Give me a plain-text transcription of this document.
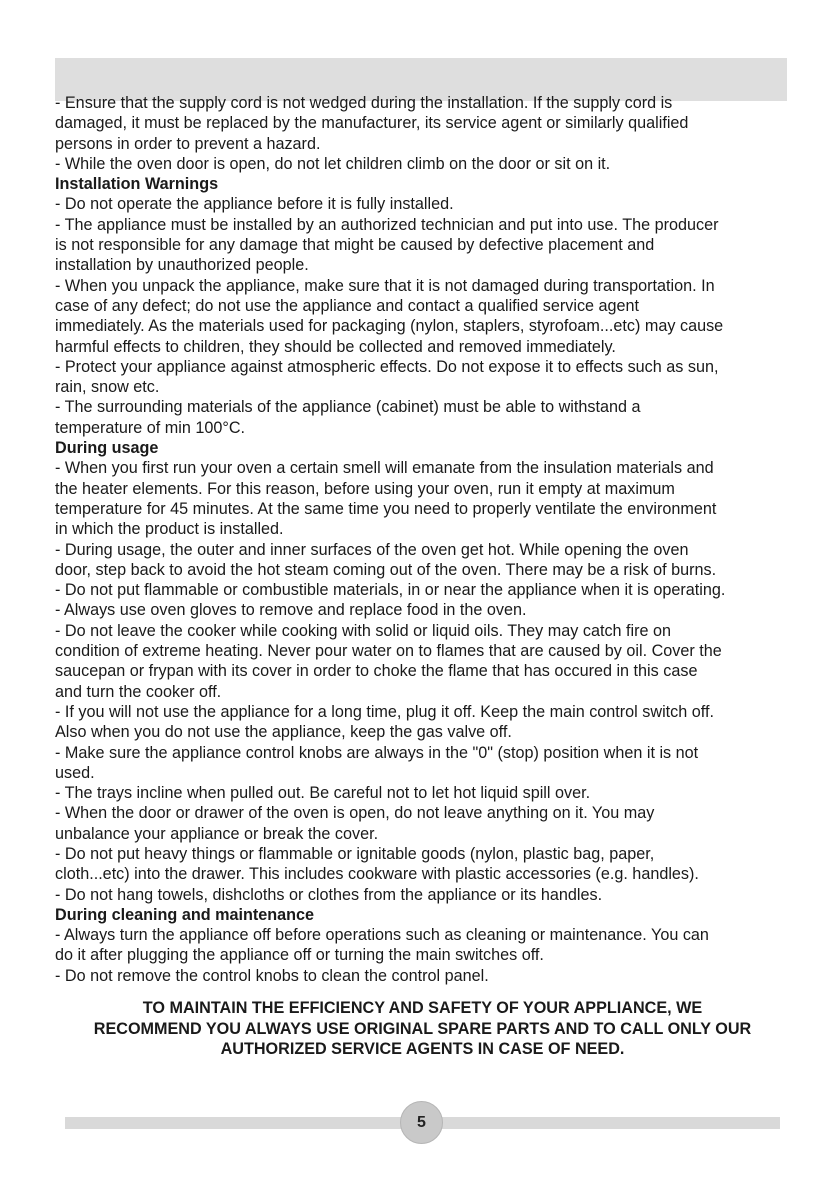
- Ensure that the supply cord is not wedged during the installation. If the supply cord is
damaged, it must be replaced by the manufacturer, its service agent or similarly qualified
persons in order to prevent a hazard.

- While the oven door is open, do not let children climb on the door or sit on it.

Installation Warnings

- Do not operate the appliance before it is fully installed.

- The appliance must be installed by an authorized technician and put into use. The producer
is not responsible for any damage that might be caused by defective placement and
installation by unauthorized people.

- When you unpack the appliance, make sure that it is not damaged during transportation. In
case of any defect; do not use the appliance and contact a qualified service agent
immediately. As the materials used for packaging (nylon, staplers, styrofoam...etc) may cause
harmful effects to children, they should be collected and removed immediately.

- Protect your appliance against atmospheric effects. Do not expose it to effects such as sun,
rain, snow etc.

- The surrounding materials of the appliance (cabinet) must be able to withstand a
temperature of min 100°C.

During usage

- When you first run your oven a certain smell will emanate from the insulation materials and
the heater elements. For this reason, before using your oven, run it empty at maximum
temperature for 45 minutes. At the same time you need to properly ventilate the environment
in which the product is installed.

- During usage, the outer and inner surfaces of the oven get hot. While opening the oven
door, step back to avoid the hot steam coming out of the oven. There may be a risk of burns.

- Do not put flammable or combustible materials, in or near the appliance when it is operating.

- Always use oven gloves to remove and replace food in the oven.

- Do not leave the cooker while cooking with solid or liquid oils. They may catch fire on
condition of extreme heating. Never pour water on to flames that are caused by oil. Cover the
saucepan or frypan with its cover in order to choke the flame that has occured in this case
and turn the cooker off.

- If you will not use the appliance for a long time, plug it off. Keep the main control switch off.
Also when you do not use the appliance, keep the gas valve off.

- Make sure the appliance control knobs are always in the "0" (stop) position when it is not
used.

- The trays incline when pulled out. Be careful not to let hot liquid spill over.

- When the door or drawer of the oven is open, do not leave anything on it. You may
unbalance your appliance or break the cover.

- Do not put heavy things or flammable or ignitable goods (nylon, plastic bag, paper,
cloth...etc) into the drawer. This includes cookware with plastic accessories (e.g. handles).

- Do not hang towels, dishcloths or clothes from the appliance or its handles.

During cleaning and maintenance

- Always turn the appliance off before operations such as cleaning or maintenance. You can
do it after plugging the appliance off or turning the main switches off.

- Do not remove the control knobs to clean the control panel.

TO MAINTAIN THE EFFICIENCY AND SAFETY OF YOUR APPLIANCE, WE
RECOMMEND YOU ALWAYS USE ORIGINAL SPARE PARTS AND TO CALL ONLY OUR
AUTHORIZED SERVICE AGENTS IN CASE OF NEED.
5
